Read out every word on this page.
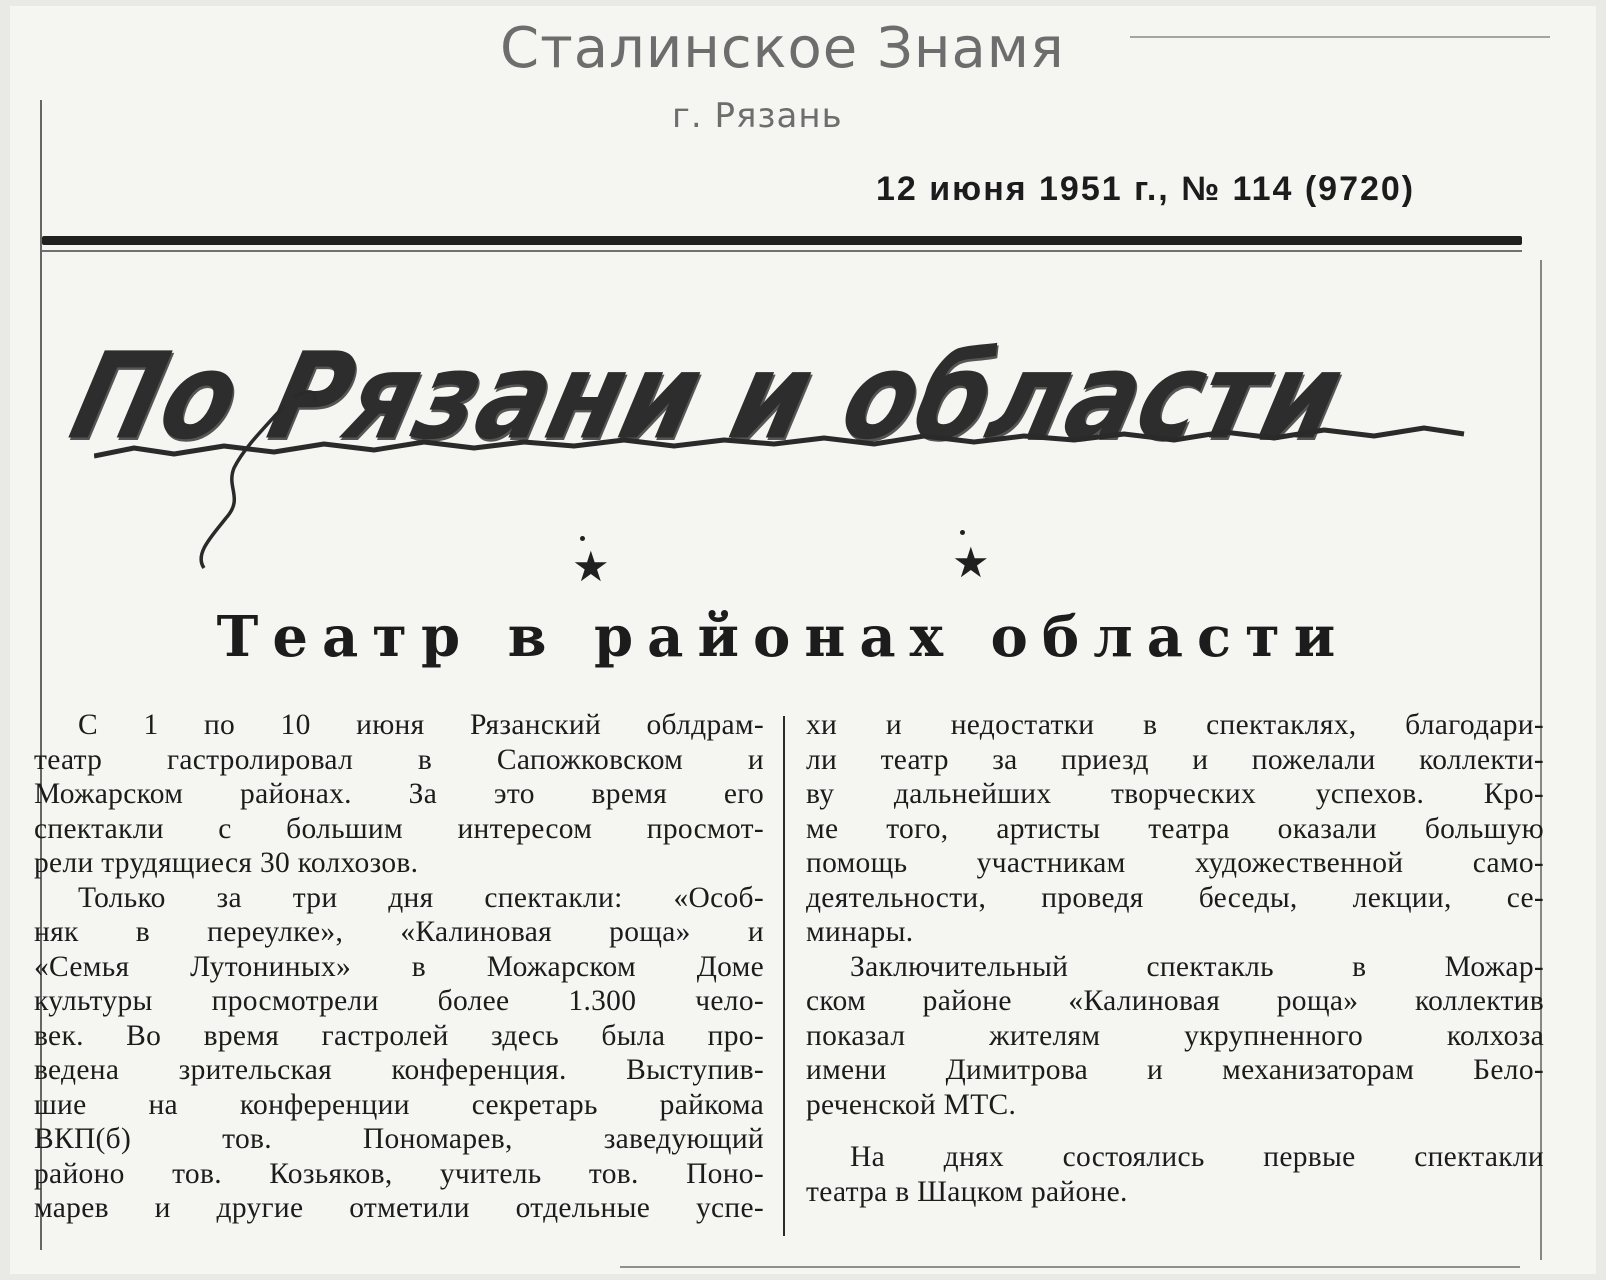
Сталинское Знамя
г. Рязань
12 июня 1951 г., № 114 (9720)
По Рязани и области
★	★
Театр в районах области
С 1 по 10 июня Рязанский облдрам-
театр гастролировал в Сапожковском и
Можарском районах. За это время его
спектакли с большим интересом просмот-
рели трудящиеся 30 колхозов.
Только за три дня спектакли: «Особ-
няк в переулке», «Калиновая роща» и
«Семья Лутониных» в Можарском Доме
культуры просмотрели более 1.300 чело-
век. Во время гастролей здесь была про-
ведена зрительская конференция. Выступив-
шие на конференции секретарь райкома
ВКП(б) тов. Пономарев, заведующий
районо тов. Козьяков, учитель тов. Поно-
марев и другие отметили отдельные успе-
хи и недостатки в спектаклях, благодари-
ли театр за приезд и пожелали коллекти-
ву дальнейших творческих успехов. Кро-
ме того, артисты театра оказали большую
помощь участникам художественной само-
деятельности, проведя беседы, лекции, се-
минары.
Заключительный спектакль в Можар-
ском районе «Калиновая роща» коллектив
показал жителям укрупненного колхоза
имени Димитрова и механизаторам Бело-
реченской МТС.
На днях состоялись первые спектакли
театра в Шацком районе.
